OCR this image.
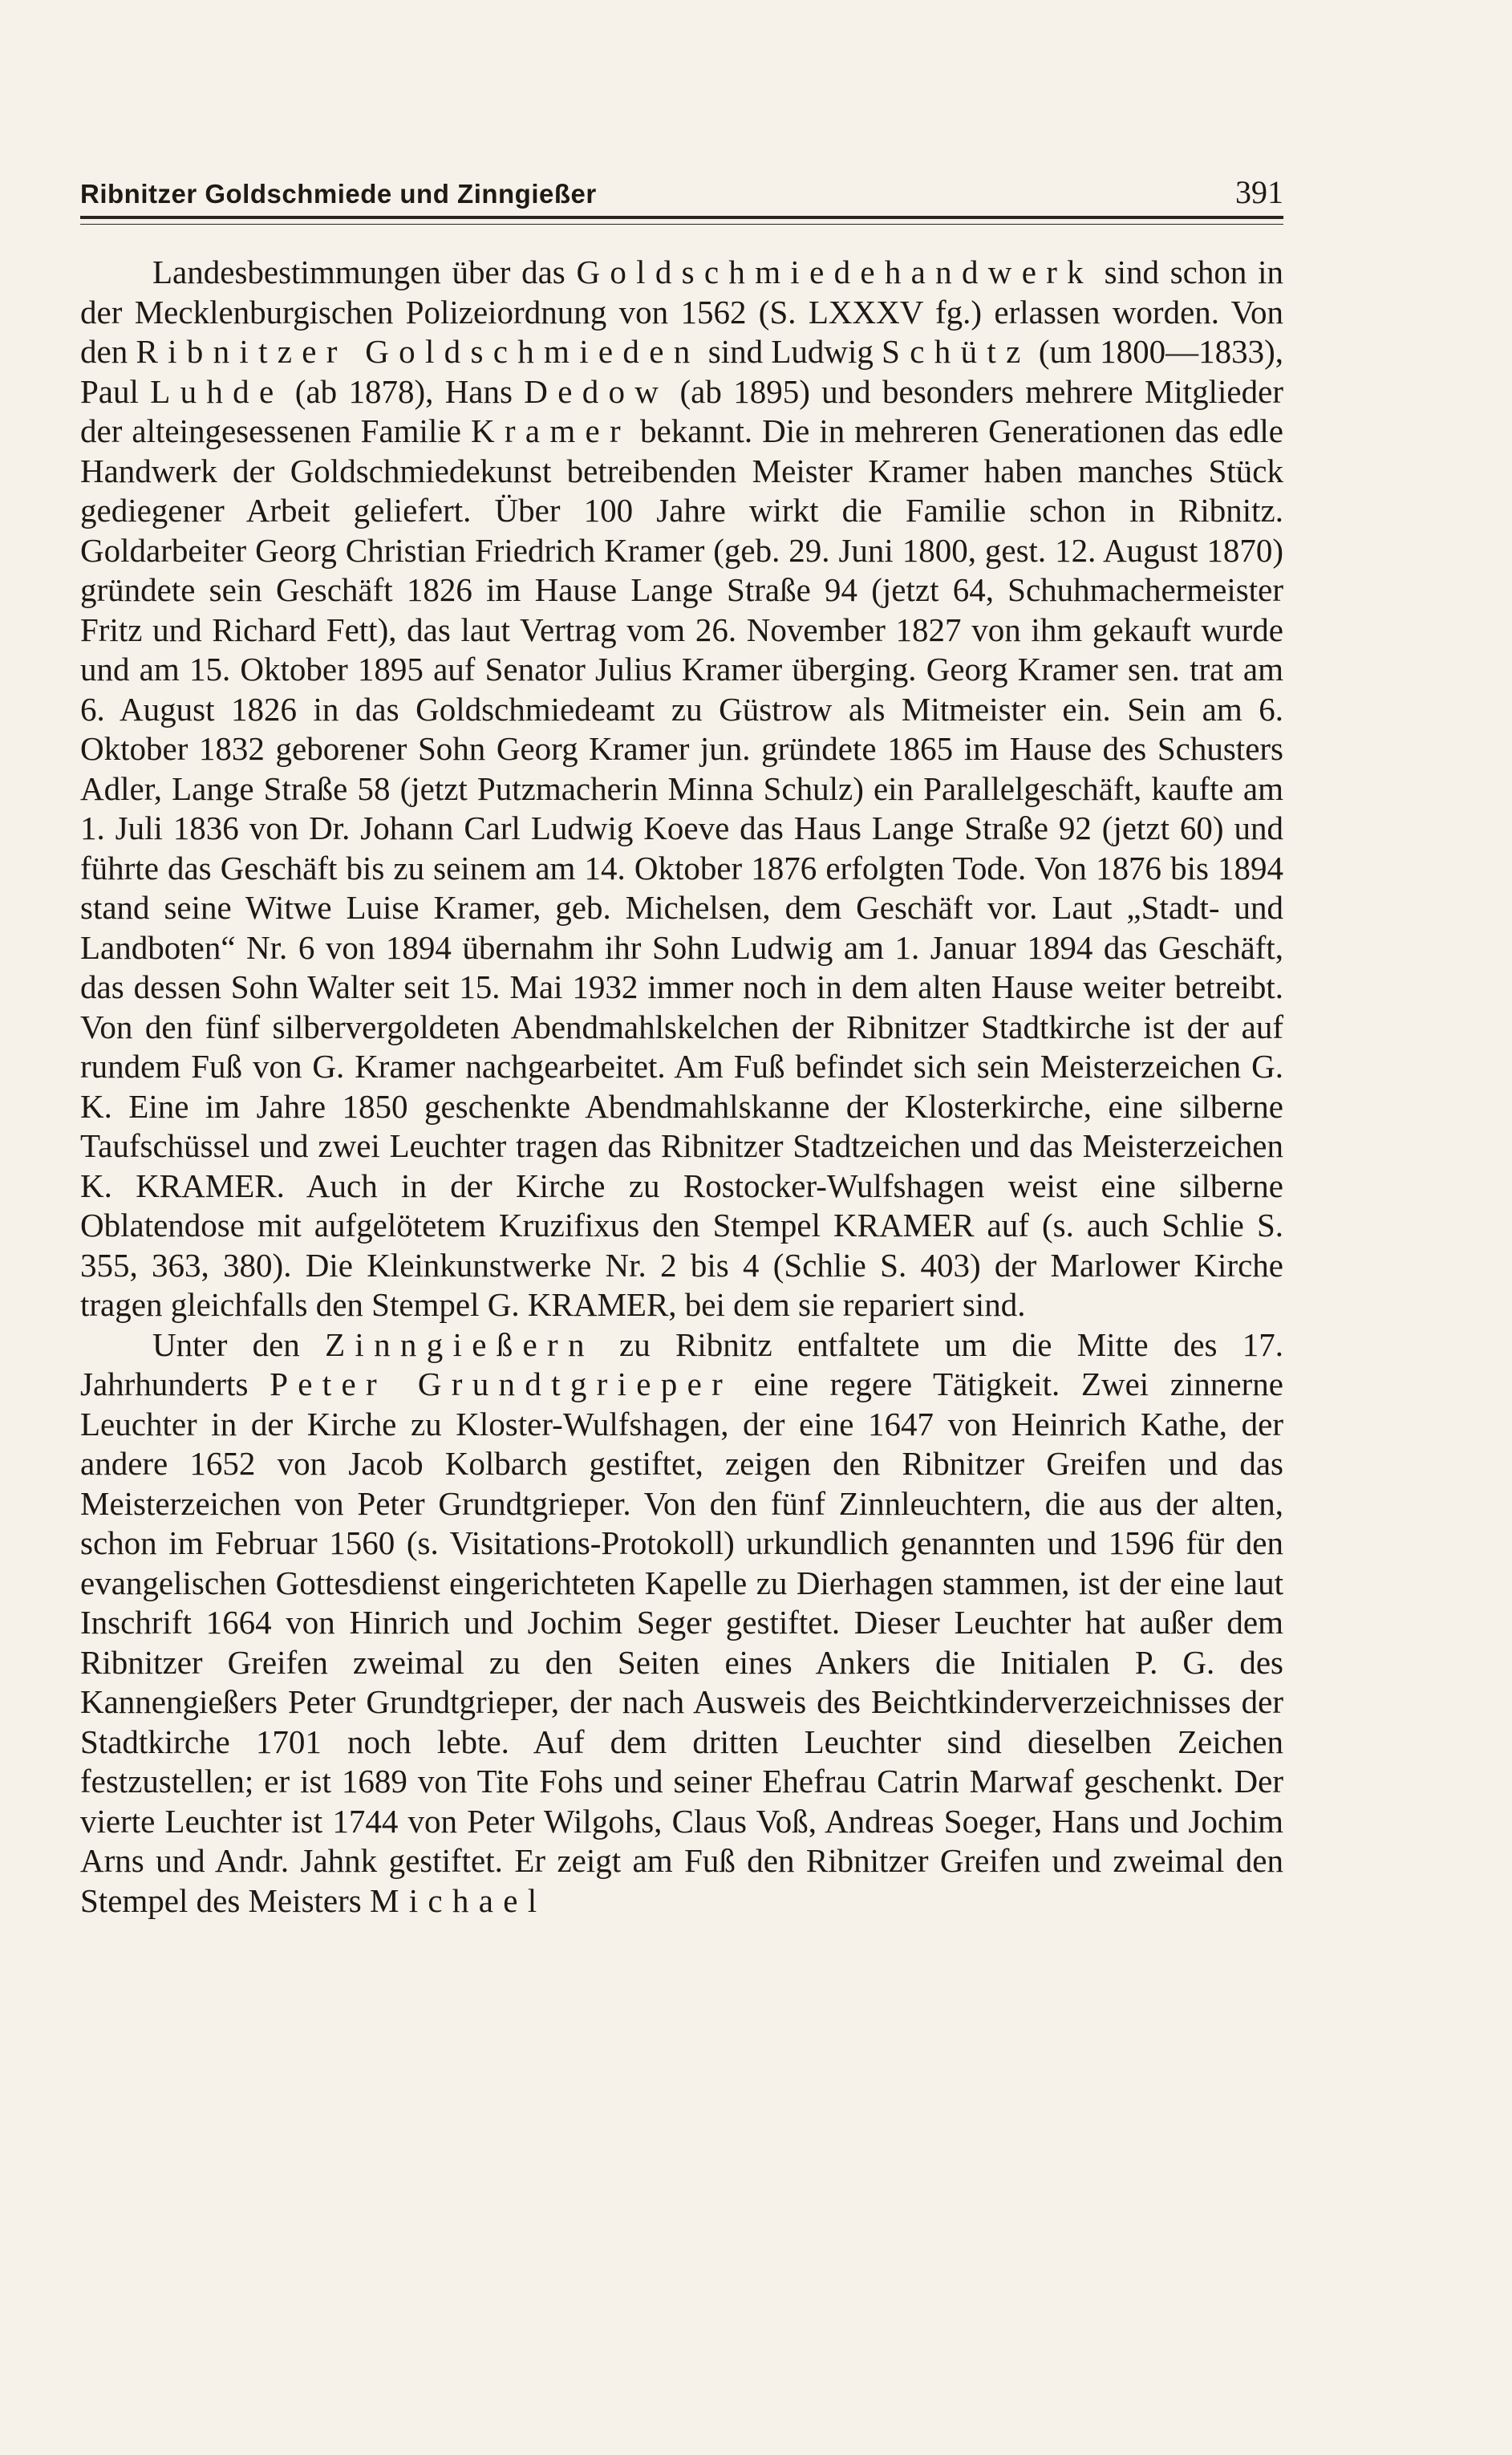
Ribnitzer Goldschmiede und Zinngießer	391

Landesbestimmungen über das Goldschmiedehandwerk sind schon in der Mecklenburgischen Polizeiordnung von 1562 (S. LXXXV fg.) erlassen worden. Von den Ribnitzer Goldschmieden sind Ludwig Schütz (um 1800—1833), Paul Luhde (ab 1878), Hans Dedow (ab 1895) und besonders mehrere Mitglieder der alteingesessenen Familie Kramer bekannt. Die in mehreren Generationen das edle Handwerk der Goldschmiedekunst betreibenden Meister Kramer haben manches Stück gediegener Arbeit geliefert. Über 100 Jahre wirkt die Familie schon in Ribnitz. Goldarbeiter Georg Christian Friedrich Kramer (geb. 29. Juni 1800, gest. 12. August 1870) gründete sein Geschäft 1826 im Hause Lange Straße 94 (jetzt 64, Schuhmachermeister Fritz und Richard Fett), das laut Vertrag vom 26. November 1827 von ihm gekauft wurde und am 15. Oktober 1895 auf Senator Julius Kramer überging. Georg Kramer sen. trat am 6. August 1826 in das Goldschmiedeamt zu Güstrow als Mitmeister ein. Sein am 6. Oktober 1832 geborener Sohn Georg Kramer jun. gründete 1865 im Hause des Schusters Adler, Lange Straße 58 (jetzt Putzmacherin Minna Schulz) ein Parallelgeschäft, kaufte am 1. Juli 1836 von Dr. Johann Carl Ludwig Koeve das Haus Lange Straße 92 (jetzt 60) und führte das Geschäft bis zu seinem am 14. Oktober 1876 erfolgten Tode. Von 1876 bis 1894 stand seine Witwe Luise Kramer, geb. Michelsen, dem Geschäft vor. Laut „Stadt- und Landboten“ Nr. 6 von 1894 übernahm ihr Sohn Ludwig am 1. Januar 1894 das Geschäft, das dessen Sohn Walter seit 15. Mai 1932 immer noch in dem alten Hause weiter betreibt. Von den fünf silbervergoldeten Abendmahlskelchen der Ribnitzer Stadtkirche ist der auf rundem Fuß von G. Kramer nachgearbeitet. Am Fuß befindet sich sein Meisterzeichen G. K. Eine im Jahre 1850 geschenkte Abendmahlskanne der Klosterkirche, eine silberne Taufschüssel und zwei Leuchter tragen das Ribnitzer Stadtzeichen und das Meisterzeichen K. KRAMER. Auch in der Kirche zu Rostocker-Wulfshagen weist eine silberne Oblatendose mit aufgelötetem Kruzifixus den Stempel KRAMER auf (s. auch Schlie S. 355, 363, 380). Die Kleinkunstwerke Nr. 2 bis 4 (Schlie S. 403) der Marlower Kirche tragen gleichfalls den Stempel G. KRAMER, bei dem sie repariert sind.

Unter den Zinngießern zu Ribnitz entfaltete um die Mitte des 17. Jahrhunderts Peter Grundtgrieper eine regere Tätigkeit. Zwei zinnerne Leuchter in der Kirche zu Kloster-Wulfshagen, der eine 1647 von Heinrich Kathe, der andere 1652 von Jacob Kolbarch gestiftet, zeigen den Ribnitzer Greifen und das Meisterzeichen von Peter Grundtgrieper. Von den fünf Zinnleuchtern, die aus der alten, schon im Februar 1560 (s. Visitations-Protokoll) urkundlich genannten und 1596 für den evangelischen Gottesdienst eingerichteten Kapelle zu Dierhagen stammen, ist der eine laut Inschrift 1664 von Hinrich und Jochim Seger gestiftet. Dieser Leuchter hat außer dem Ribnitzer Greifen zweimal zu den Seiten eines Ankers die Initialen P. G. des Kannengießers Peter Grundtgrieper, der nach Ausweis des Beichtkinderverzeichnisses der Stadtkirche 1701 noch lebte. Auf dem dritten Leuchter sind dieselben Zeichen festzustellen; er ist 1689 von Tite Fohs und seiner Ehefrau Catrin Marwaf geschenkt. Der vierte Leuchter ist 1744 von Peter Wilgohs, Claus Voß, Andreas Soeger, Hans und Jochim Arns und Andr. Jahnk gestiftet. Er zeigt am Fuß den Ribnitzer Greifen und zweimal den Stempel des Meisters Michael
